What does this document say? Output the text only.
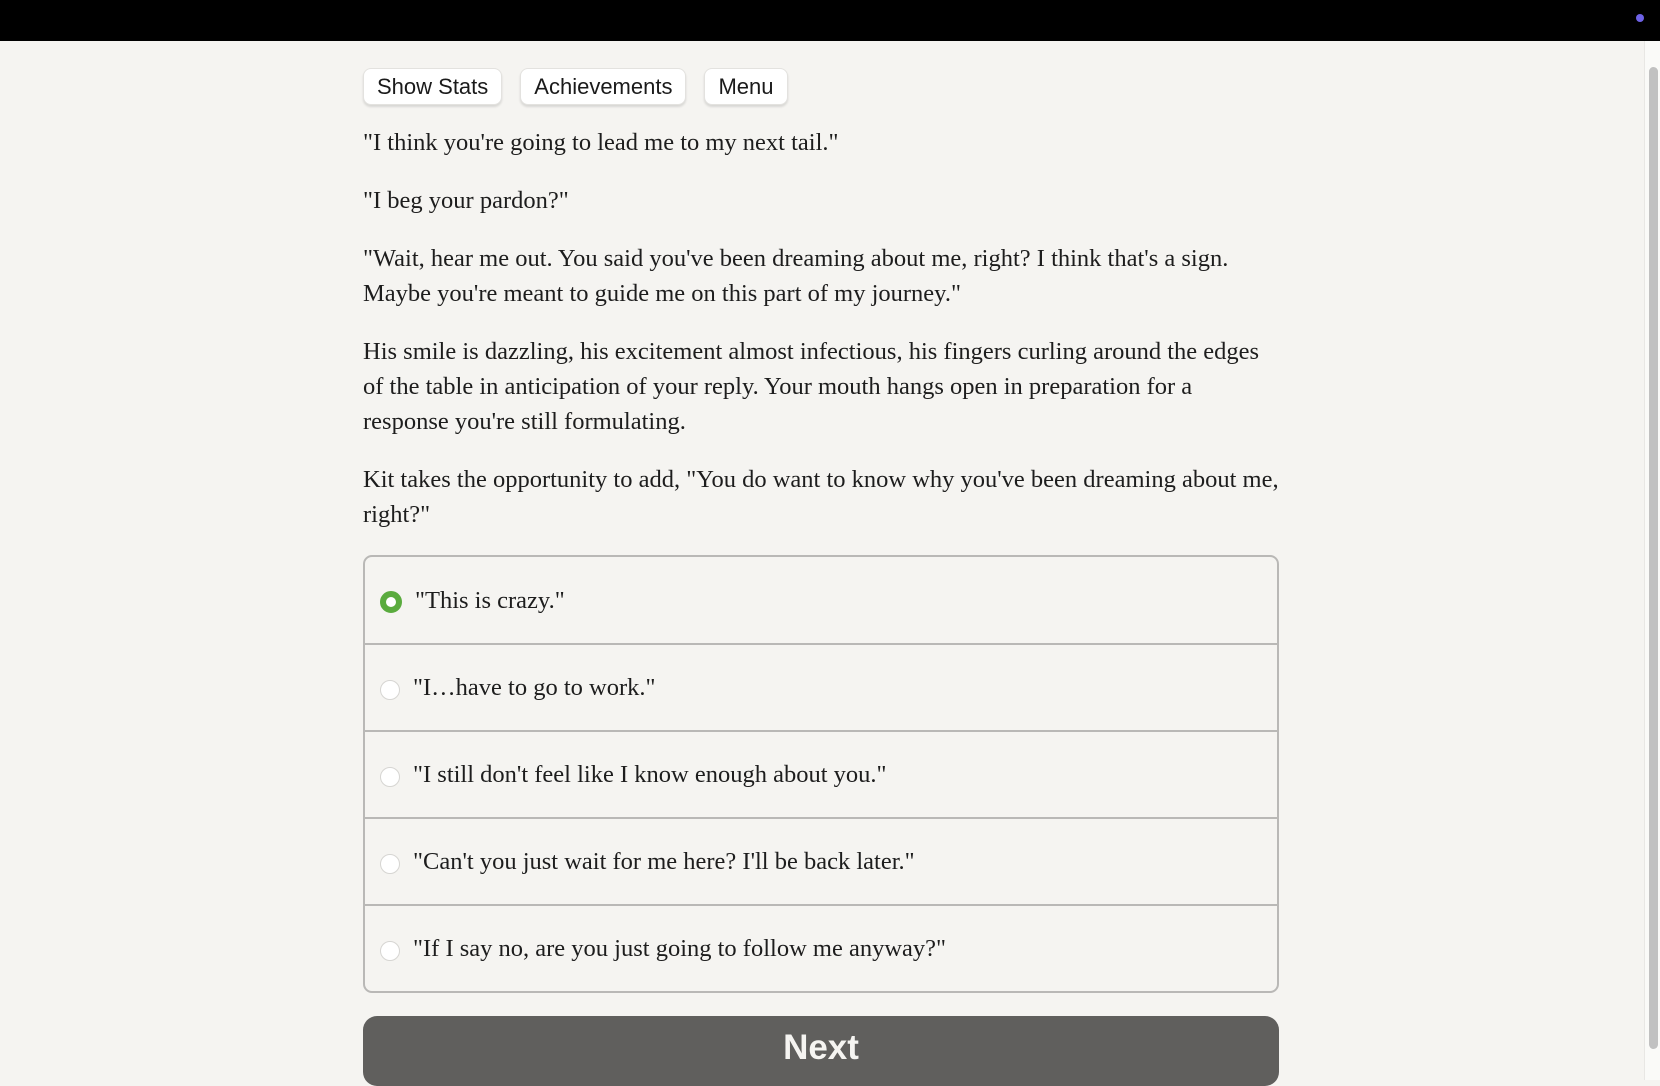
Show Stats	Achievements	Menu

"I think you're going to lead me to my next tail."

"I beg your pardon?"

"Wait, hear me out. You said you've been dreaming about me, right? I think that's a sign. Maybe you're meant to guide me on this part of my journey."

His smile is dazzling, his excitement almost infectious, his fingers curling around the edges of the table in anticipation of your reply. Your mouth hangs open in preparation for a response you're still formulating.

Kit takes the opportunity to add, "You do want to know why you've been dreaming about me, right?"

"This is crazy."
"I…have to go to work."
"I still don't feel like I know enough about you."
"Can't you just wait for me here? I'll be back later."
"If I say no, are you just going to follow me anyway?"
Next
